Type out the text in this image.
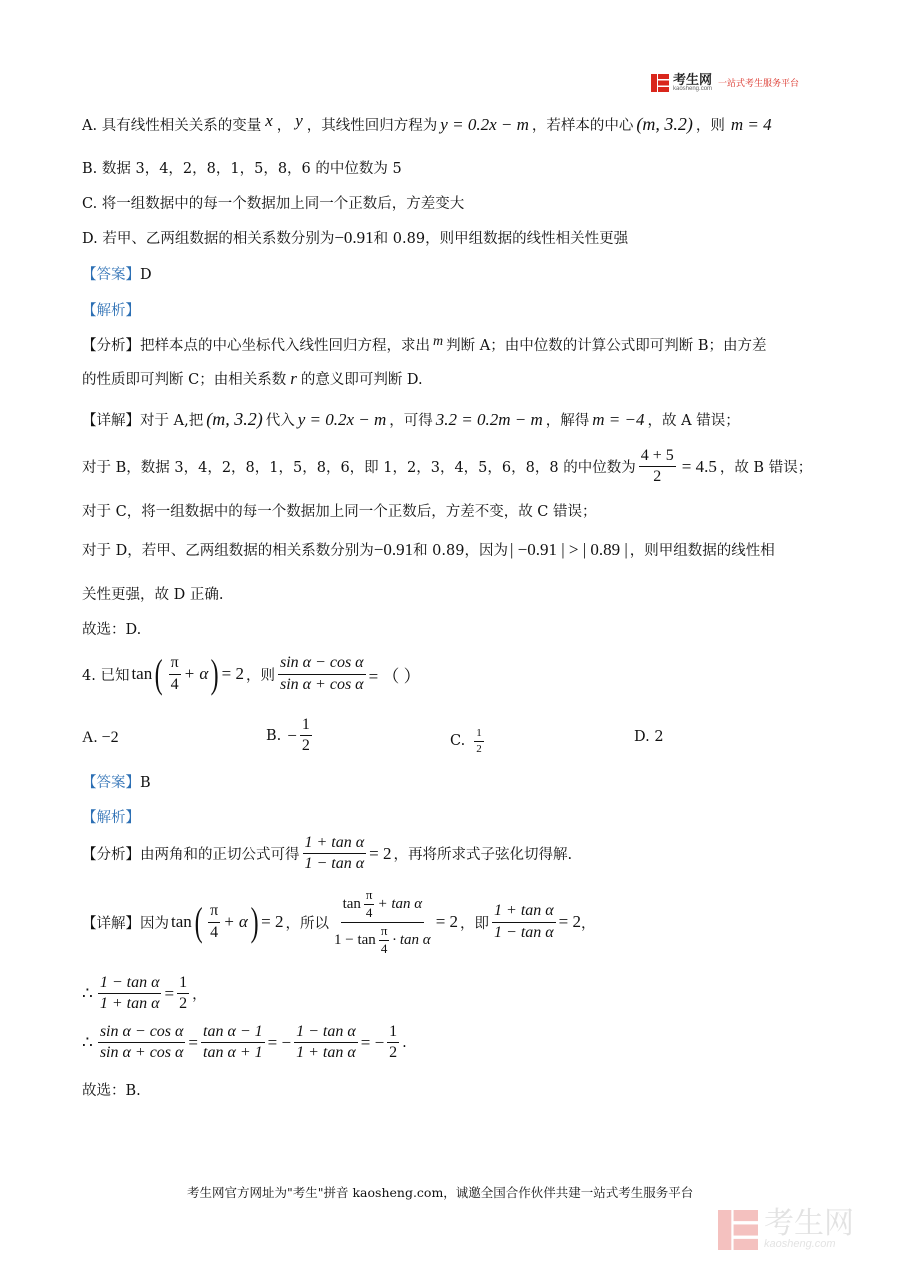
考生网
kaosheng.com
一站式考生服务平台
A. 具有线性相关关系的变量 x ， y ，其线性回归方程为 y = 0.2x − m ，若样本的中心 (m, 3.2) ，则 m = 4
B. 数据 3，4，2，8，1，5，8，6 的中位数为 5
C. 将一组数据中的每一个数据加上同一个正数后，方差变大
D. 若甲、乙两组数据的相关系数分别为 −0.91 和 0.89，则甲组数据的线性相关性更强
【答案】D
【解析】
【分析】 把样本点的中心坐标代入线性回归方程，求出 m 判断 A；由中位数的计算公式即可判断 B；由方差
的性质即可判断 C；由相关系数 r 的意义即可判断 D.
【详解】 对于 A,把 (m, 3.2) 代入 y = 0.2x − m ，可得 3.2 = 0.2m − m ，解得 m = −4 ，故 A 错误；
对于 B，数据 3，4，2，8，1，5，8，6，即 1，2，3，4，5，6，8，8 的中位数为 $\frac{4 + 5}{2} = 4.5$ ，故 B 错误；
对于 C，将一组数据中的每一个数据加上同一个正数后，方差不变，故 C 错误；
对于 D，若甲、乙两组数据的相关系数分别为 −0.91 和 0.89，因为 | −0.91 | > | 0.89 | ，则甲组数据的线性相
关性更强，故 D 正确.
故选：D.
4. 已知 tan ( $\frac{\pi}{4} + \alpha$ ) = 2 ，则 $\frac{\text{sin α − cos α}}{\text{sin α + cos α}}$ = （ ）
A. −2	B. − $\frac{1}{2}$	C. $\frac{1}{2}$	D. 2
【答案】B
【解析】
【分析】 由两角和的正切公式可得 $\frac{\text{1 + tan α}}{\text{1 − tan α}} = 2$ ，再将所求式子弦化切得解.
【详解】 因为 tan ( $\frac{\pi}{4} + \alpha$ ) = 2 ，所以 $\frac{\tan \frac{\pi}{4} + \tan \alpha}{1 - \tan \frac{\pi}{4} \cdot \tan \alpha} = 2$ ，即 $\frac{\text{1 + tan α}}{\text{1 − tan α}} = 2$ ，
∴ $\frac{\text{1 − tan α}}{\text{1 + tan α}} = \frac{1}{2}$ ，
∴ $\frac{\text{sin α − cos α}}{\text{sin α + cos α}} = \frac{\text{tan α − 1}}{\text{tan α + 1}}$ = − $\frac{\text{1 − tan α}}{\text{1 + tan α}}$ = − $\frac{1}{2}$ .
故选：B.
考生网官方网址为"考生"拼音 kaosheng.com，诚邀全国合作伙伴共建一站式考生服务平台
考生网
kaosheng.com
